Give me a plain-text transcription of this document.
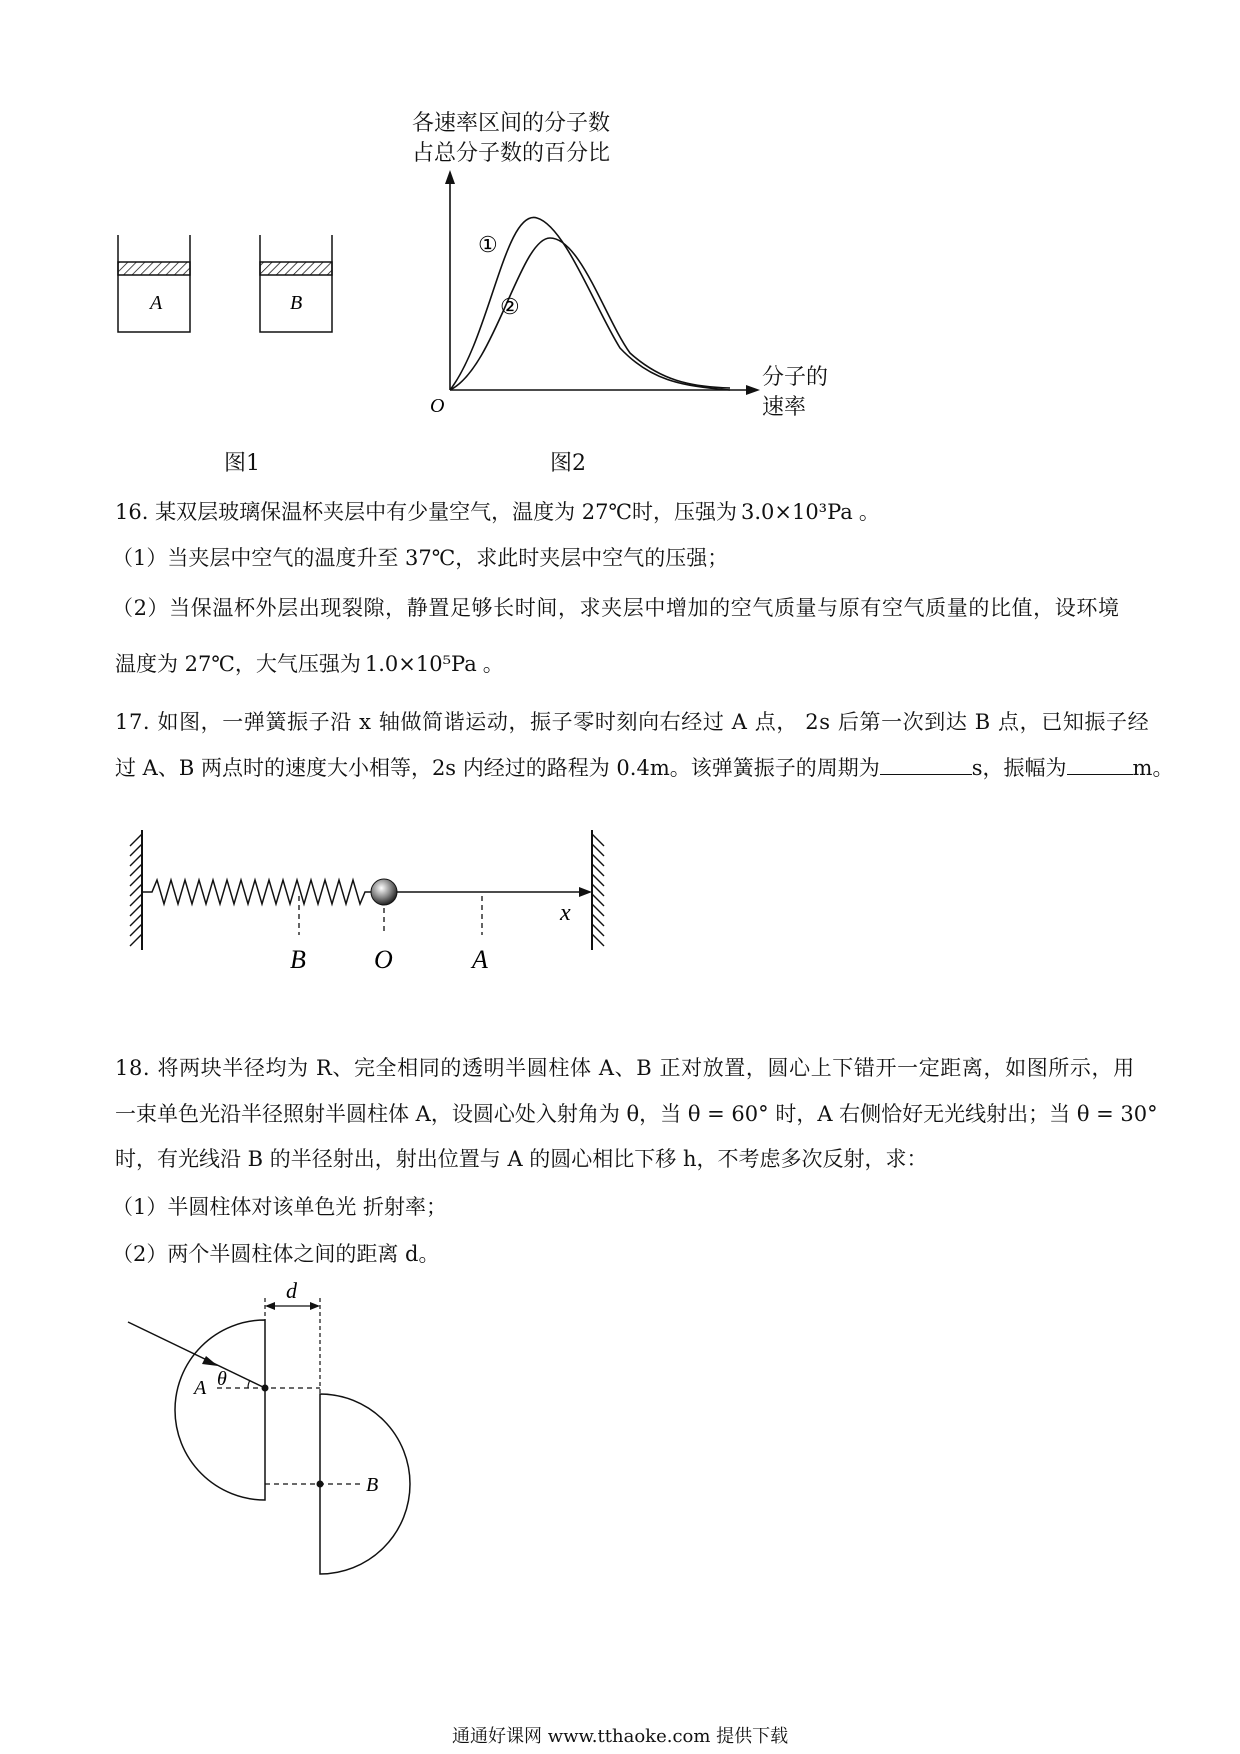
A	B
图1
各速率区间的分子数
占总分子数的百分比
①
②
O
分子的
速率
图2
16. 某双层玻璃保温杯夹层中有少量空气，温度为 27℃时，压强为 3.0×10³Pa 。
（1）当夹层中空气的温度升至 37℃，求此时夹层中空气的压强；
（2）当保温杯外层出现裂隙，静置足够长时间，求夹层中增加的空气质量与原有空气质量的比值，设环境
温度为 27℃，大气压强为 1.0×10⁵Pa 。
17. 如图，一弹簧振子沿 x 轴做简谐运动，振子零时刻向右经过 A 点， 2s 后第一次到达 B 点，已知振子经
过 A、B 两点时的速度大小相等，2s 内经过的路程为 0.4m。该弹簧振子的周期为	s，振幅为	m。
B	O	A
x
18. 将两块半径均为 R、完全相同的透明半圆柱体 A、B 正对放置，圆心上下错开一定距离，如图所示，用
一束单色光沿半径照射半圆柱体 A，设圆心处入射角为 θ，当 θ = 60° 时，A 右侧恰好无光线射出；当 θ = 30°
时，有光线沿 B 的半径射出，射出位置与 A 的圆心相比下移 h，不考虑多次反射，求：
（1）半圆柱体对该单色光 折射率；
（2）两个半圆柱体之间的距离 d。
d
θ
A
B
通通好课网 www.tthaoke.com 提供下载
